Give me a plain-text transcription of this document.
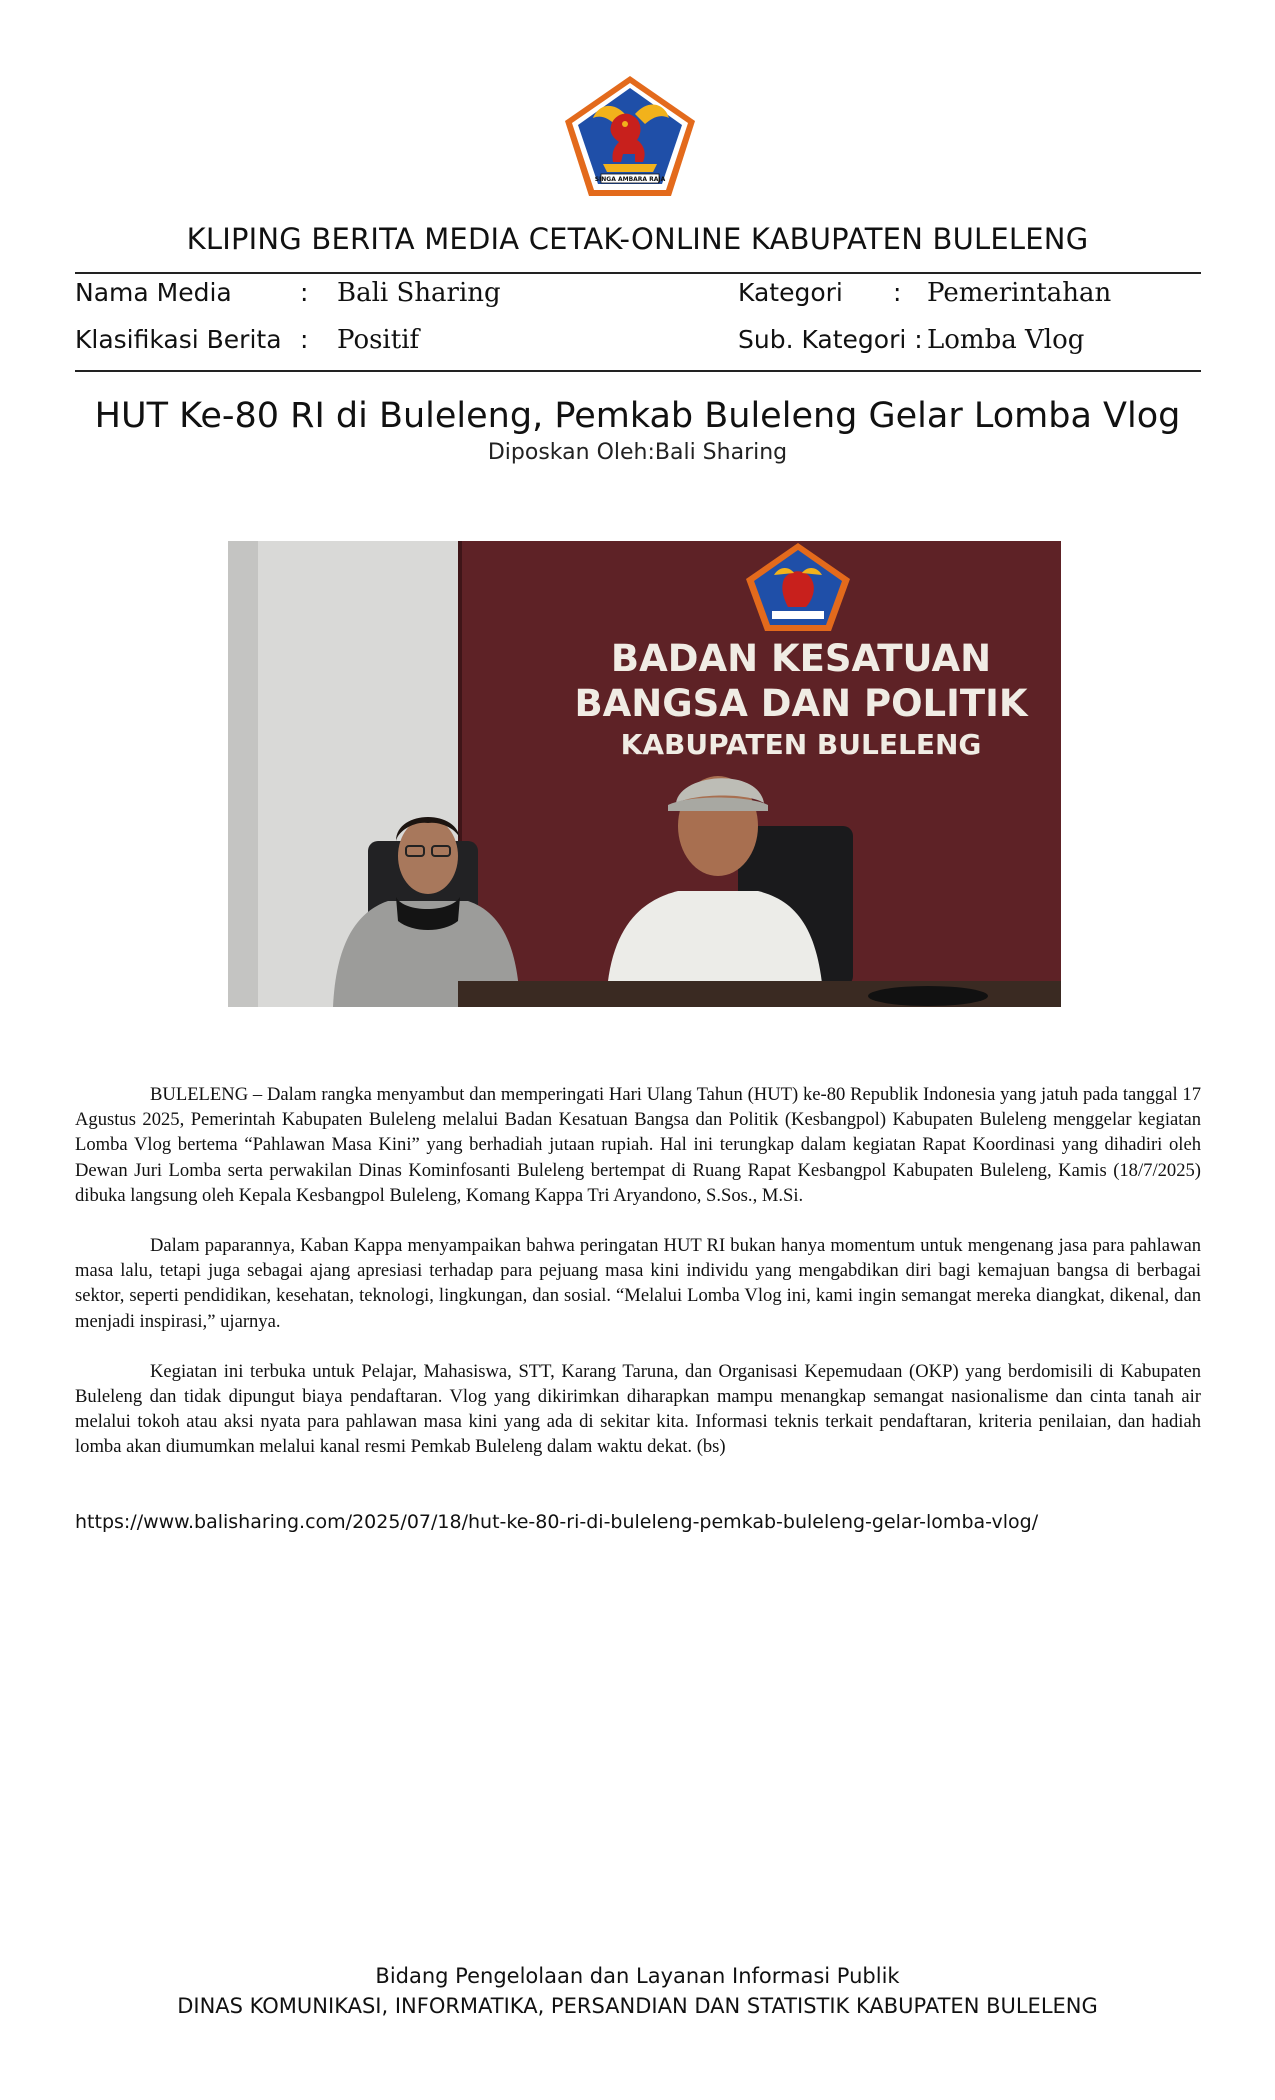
SINGA AMBARA RAJA
KLIPING BERITA MEDIA CETAK-ONLINE KABUPATEN BULELENG
Nama Media	: Bali Sharing	Kategori : Pemerintahan
Klasifikasi Berita : Positif	Sub. Kategori : Lomba Vlog
HUT Ke-80 RI di Buleleng, Pemkab Buleleng Gelar Lomba Vlog
Diposkan Oleh:Bali Sharing
BADAN KESATUAN
BANGSA DAN POLITIK
KABUPATEN BULELENG

BULELENG – Dalam rangka menyambut dan memperingati Hari Ulang Tahun (HUT) ke-80 Republik Indonesia yang jatuh pada tanggal 17 Agustus 2025, Pemerintah Kabupaten Buleleng melalui Badan Kesatuan Bangsa dan Politik (Kesbangpol) Kabupaten Buleleng menggelar kegiatan Lomba Vlog bertema “Pahlawan Masa Kini” yang berhadiah jutaan rupiah. Hal ini terungkap dalam kegiatan Rapat Koordinasi yang dihadiri oleh Dewan Juri Lomba serta perwakilan Dinas Kominfosanti Buleleng bertempat di Ruang Rapat Kesbangpol Kabupaten Buleleng, Kamis (18/7/2025) dibuka langsung oleh Kepala Kesbangpol Buleleng, Komang Kappa Tri Aryandono, S.Sos., M.Si.

Dalam paparannya, Kaban Kappa menyampaikan bahwa peringatan HUT RI bukan hanya momentum untuk mengenang jasa para pahlawan masa lalu, tetapi juga sebagai ajang apresiasi terhadap para pejuang masa kini individu yang mengabdikan diri bagi kemajuan bangsa di berbagai sektor, seperti pendidikan, kesehatan, teknologi, lingkungan, dan sosial. “Melalui Lomba Vlog ini, kami ingin semangat mereka diangkat, dikenal, dan menjadi inspirasi,” ujarnya.

Kegiatan ini terbuka untuk Pelajar, Mahasiswa, STT, Karang Taruna, dan Organisasi Kepemudaan (OKP) yang berdomisili di Kabupaten Buleleng dan tidak dipungut biaya pendaftaran. Vlog yang dikirimkan diharapkan mampu menangkap semangat nasionalisme dan cinta tanah air melalui tokoh atau aksi nyata para pahlawan masa kini yang ada di sekitar kita. Informasi teknis terkait pendaftaran, kriteria penilaian, dan hadiah lomba akan diumumkan melalui kanal resmi Pemkab Buleleng dalam waktu dekat. (bs)

https://www.balisharing.com/2025/07/18/hut-ke-80-ri-di-buleleng-pemkab-buleleng-gelar-lomba-vlog/
Bidang Pengelolaan dan Layanan Informasi Publik
DINAS KOMUNIKASI, INFORMATIKA, PERSANDIAN DAN STATISTIK KABUPATEN BULELENG
